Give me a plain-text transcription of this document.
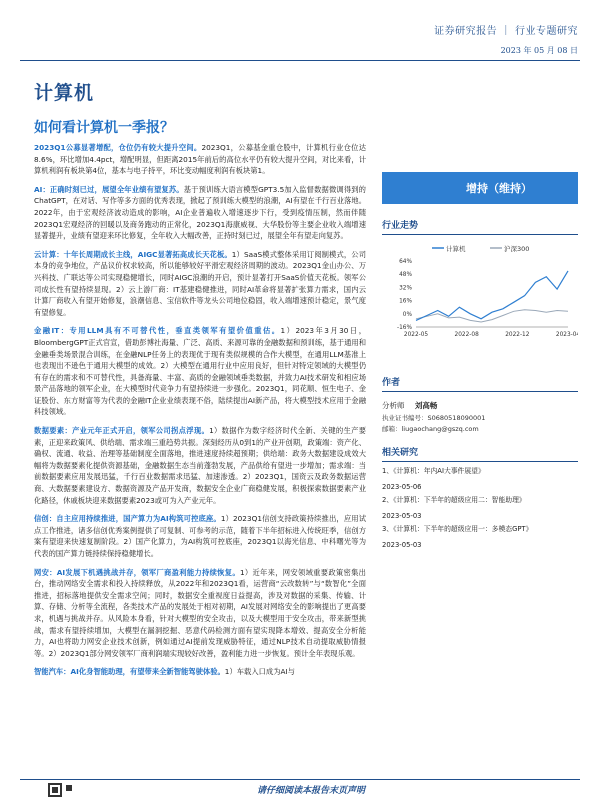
证券研究报告 ｜ 行业专题研究
2023 年 05 月 08 日
计算机
如何看计算机一季报？

2023Q1公募显著增配，仓位仍有较大提升空间。2023Q1，公募基金重仓股中，计算机行业仓位达8.6%，环比增加4.4pct，增配明显，但距离2015年前后的高位水平仍有较大提升空间，对比来看，计算机利润有板块第4位，基本与电子持平，环比变动幅度利润有板块第1。

AI：正确时刻已过，展望全年业绩有望复苏。基于预训练大语言模型GPT3.5加入监督数据微调得到的ChatGPT，在对话、写作等多方面的优秀表现，掀起了预训练大模型的浪潮，AI有望在千行百业落地。2022年，由于宏观经济波动造成的影响，AI企业普遍收入增速逐步下行，受到疫情压制，然而伴随2023Q1宏观经济的回暖以及商务跑动的正常化，2023Q1海康威视、大华股份等主要企业收入端增速显著提升，业绩有望迎来环比修复，全年收入大幅改善，正持时刻已过，展望全年有望走向复苏。

云计算：十年长周期成长主线，AIGC显著拓高成长天花板。1）SaaS模式整体采用订阅制模式，公司本身的竞争地位，产品议价权求较高，所以能够较好平滑宏观经济周期的波动。2023Q1金山办公、万兴科技、广联达等公司实现稳健增长，同时AIGC浪潮的开启，预计显著打开SaaS价值天花板。领军公司成长性有望持续显现。2）云上游厂商：IT基建稳健推进，同时AI革命将显著扩张算力需求，国内云计算厂商收入有望开始修复，浪潮信息、宝信软件等龙头公司地位稳固，收入端增速预计稳定，景气度有望修复。

金融IT：专用LLM具有不可替代性，垂直类领军有望价值重估。1）2023年3月30日，BloombergGPT正式官宣，借助彭博社海量、广泛、高质、来源可靠的金融数据和预训练，基于通用和金融垂类场景混合训练，在金融NLP任务上的表现优于现有类似规模的合作大模型，在通用LLM基准上也表现出不逊色于通用大模型的成效。2）大模型在通用行业中应用良好，但针对特定领域的大模型仍有存在的需求和不可替代性，具备海量、丰富、高质的金融领域垂类数据，并致力AI技术研发和相应场景产品落地的领军企业，在大模型时代竞争力有望持续进一步强化。2023Q1，同花顺、恒生电子、金证股份、东方财富等为代表的金融IT企业业绩表现不俗，陆续提出AI新产品，将大模型技术应用于金融科技领域。

数据要素：产业元年正式开启，领军公司拐点浮现。1）数据作为数字经济时代全新、关键的生产要素，正迎来政策风、供给端、需求端三重趋势共振。深刻经历从0到1的产业开创期，政策端：资产化、确权、流通、收益、治理等基础制度全面落地，推进速度持续超预期；供给端：政务大数据建设成效大幅将为数据要素化提供资源基础，金融数据生态当前蓬勃发展，产品供给有望进一步增加；需求端：当前数据要素应用发展迅猛，千行百业数据需求迅猛、加速渗透。2）2023Q1，国资云及政务数据运营商、大数据要素建设方、数据资源及产品开发商，数据安全企业广商稳健发展，积极探索数据要素产业化路径，休戚板块迎来数据要素2023或可为入产业元年。

信创：自主应用持续推进，国产算力为AI构筑可控底座。1）2023Q1信创支持政策持续推出，应用试点工作推进，诸多信创优秀案例提供了可复制、可参考的示范，随着下半年招标进入传统旺季，信创方案有望迎来快速复制阶段。2）国产化算力，为AI构筑可控底座，2023Q1以海光信息、中科曙光等为代表的国产算力链持续保持稳健增长。

网安：AI发展下机遇挑战并存，领军厂商盈利能力持续恢复。1）近年来，网安领域重要政策密集出台，推动网络安全需求和投入持续释放，从2022年和2023Q1看，运营商“云改数转”与“数智化”全面推进，招标落地提供安全需求空间；同时，数据安全重视度日益提高，涉及对数据的采集、传输、计算、存储、分析等全流程，各类技术产品的发展处于相对初期，AI发展对网络安全的影响提出了更高要求，机遇与挑战并存。从风险本身看，针对大模型的安全攻击，以及大模型用于安全攻击，带来新型挑战，需求有望持续增加，大模型在漏洞挖掘、恶意代码检测方面有望实现降本增效、提高安全分析能力，AI也将助力网安企业技术创新，例如通过AI提前发现威胁特征，通过NLP技术自动提取威胁情报等。2）2023Q1部分网安领军厂商利润端实现较好改善，盈利能力进一步恢复。预计全年表现乐观。

智能汽车：AI化身智能助理，有望带来全新智能驾驶体验。1）车载入口成为AI与

增持（维持）
行业走势
计算机	沪深300
-16%
0%
16%
32%
48%
64%
2022-05	2022-08	2022-12	2023-04
作者
分析师 刘高畅
执业证书编号：S0680518090001
邮箱：liugaochang@gszq.com
相关研究
1、《计算机：年内AI大事件展望》
2023-05-06
2、《计算机：下半年的超级应用二：智能助理》
2023-05-03
3、《计算机：下半年的超级应用一：多模态GPT》
2023-05-03
请仔细阅读本报告末页声明
